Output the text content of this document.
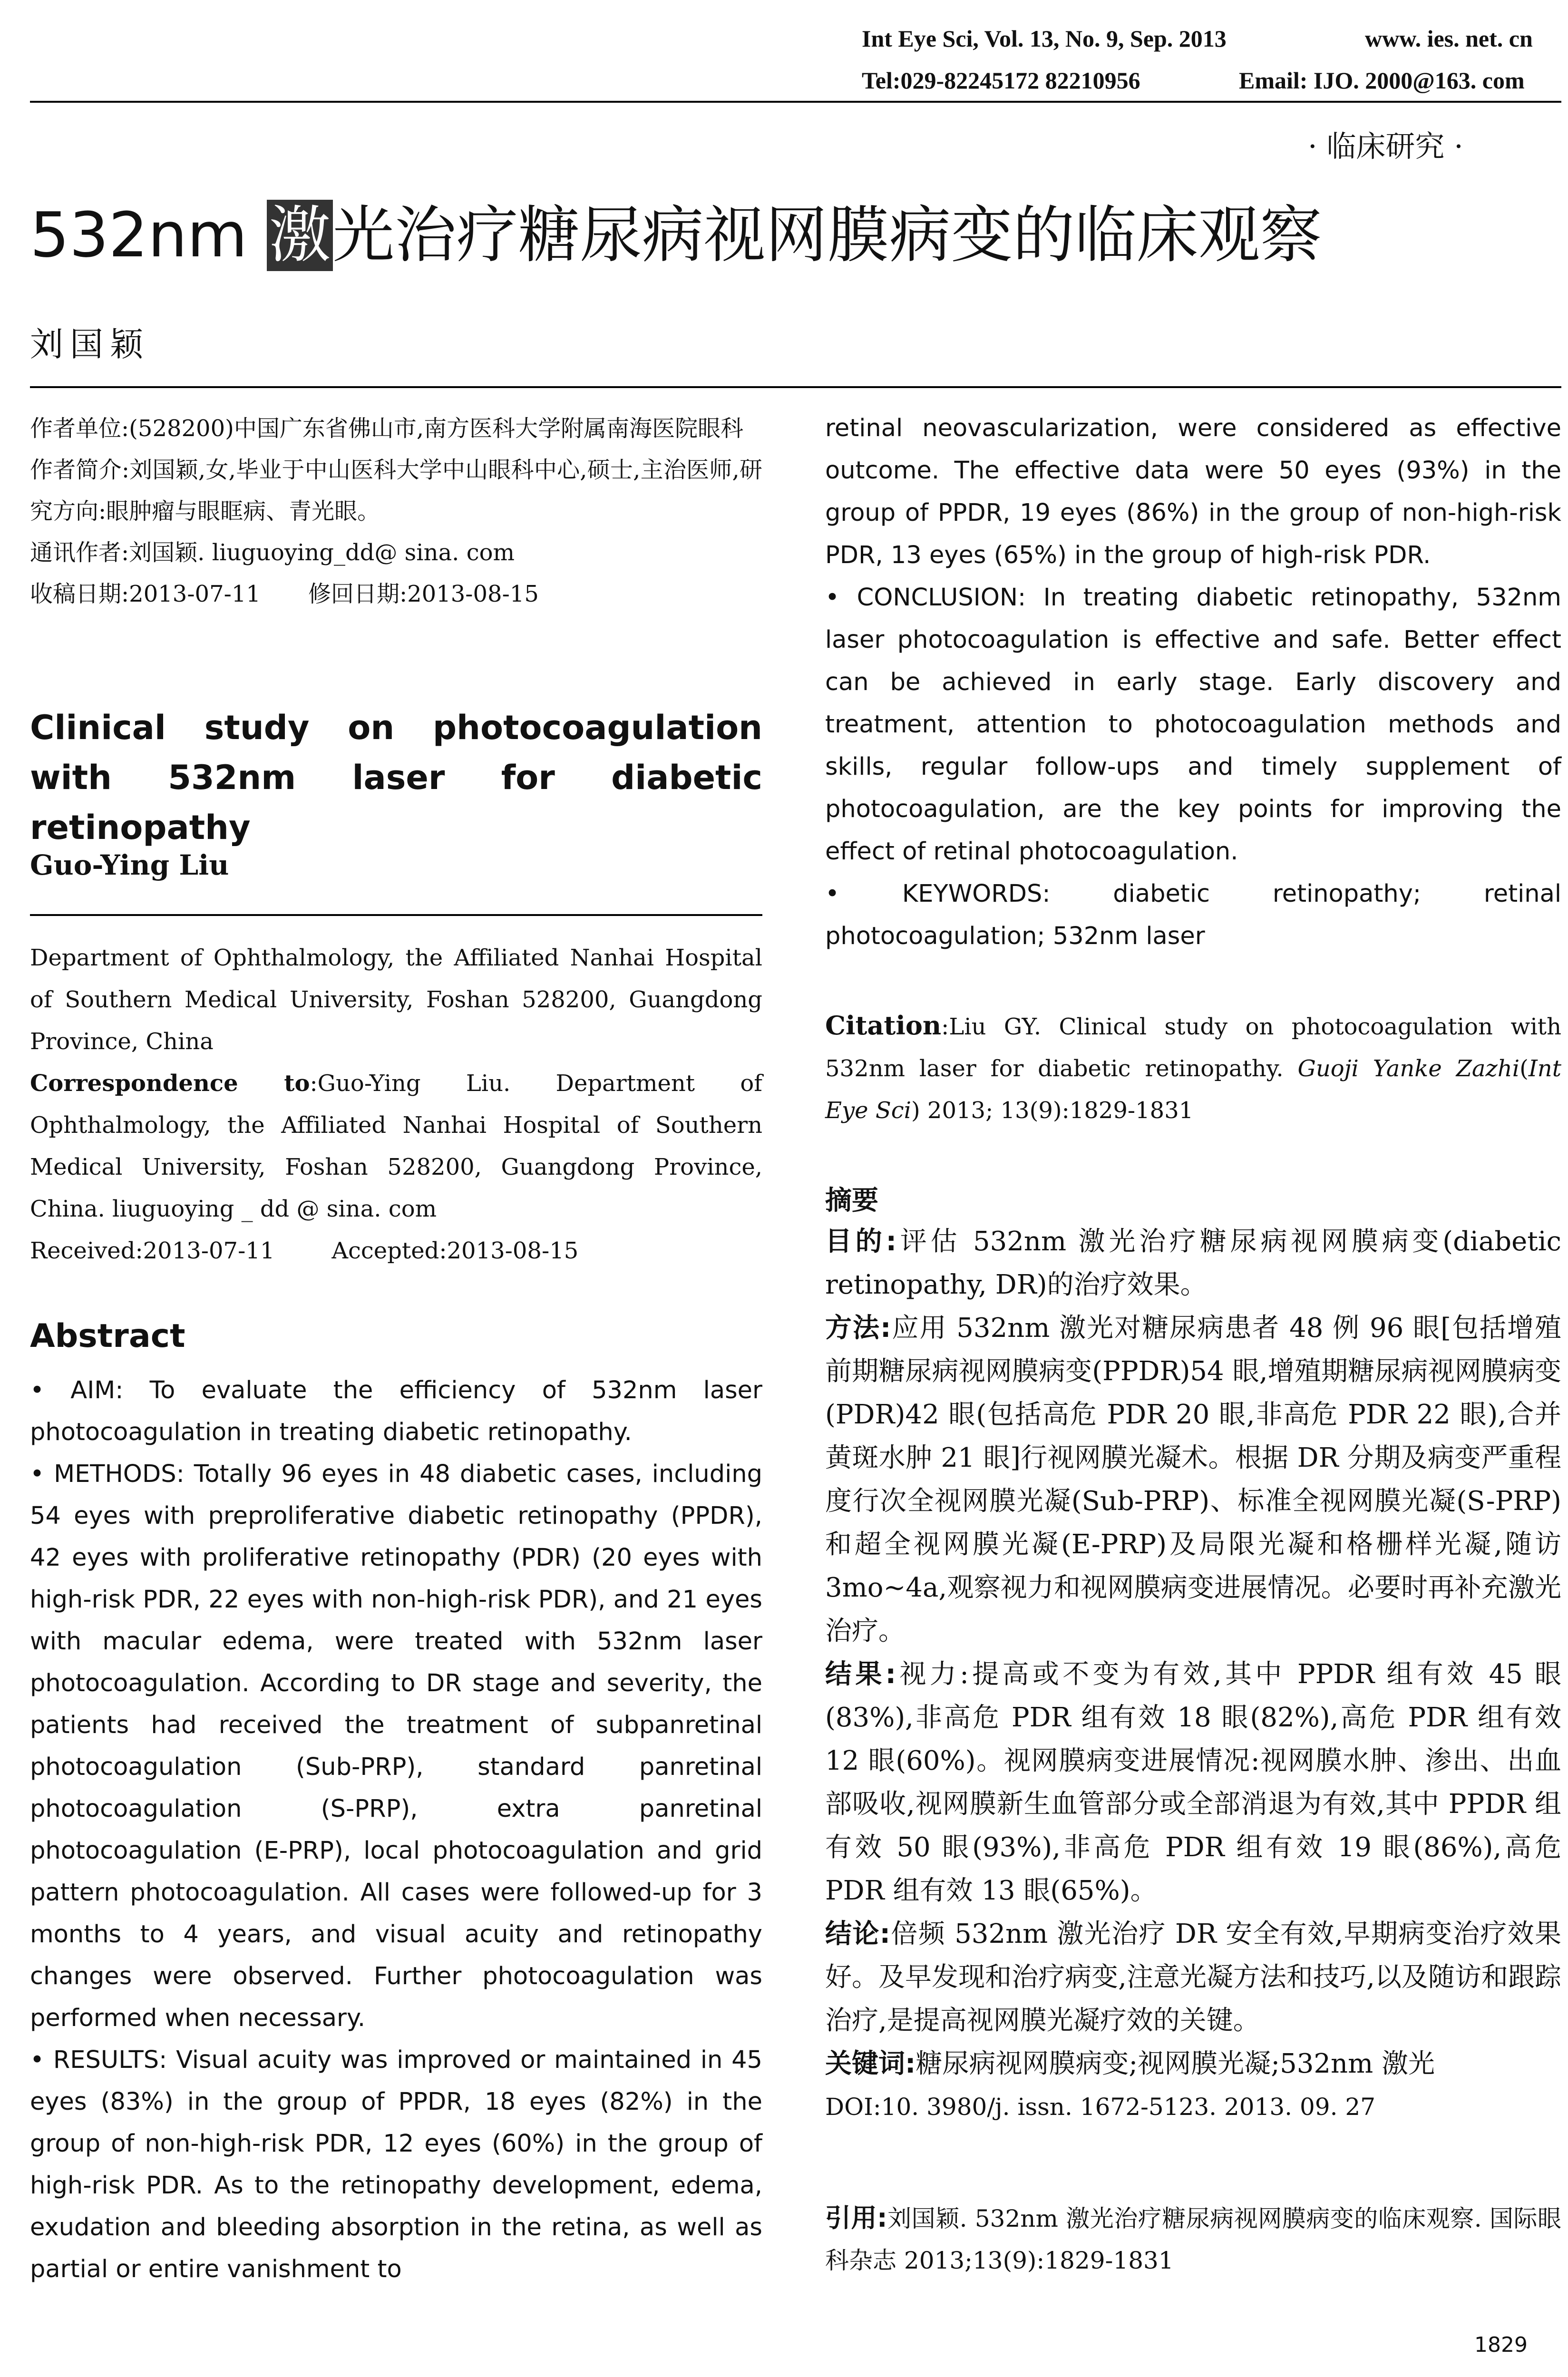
Int Eye Sci, Vol. 13, No. 9, Sep. 2013	www. ies. net. cn
Tel:029-82245172 82210956	Email: IJO. 2000@163. com
· 临床研究 ·
532nm 激光治疗糖尿病视网膜病变的临床观察
刘国颖

作者单位:(528200)中国广东省佛山市,南方医科大学附属南海医院眼科

作者简介:刘国颖,女,毕业于中山医科大学中山眼科中心,硕士,主治医师,研究方向:眼肿瘤与眼眶病、青光眼。

通讯作者:刘国颖. liuguoying_dd@ sina. com

收稿日期:2013-07-11 修回日期:2013-08-15

Clinical study on photocoagulation with 532nm laser for diabetic retinopathy
Guo-Ying Liu

Department of Ophthalmology, the Affiliated Nanhai Hospital of Southern Medical University, Foshan 528200, Guangdong Province, China

Correspondence to:Guo-Ying Liu. Department of Ophthalmology, the Affiliated Nanhai Hospital of Southern Medical University, Foshan 528200, Guangdong Province, China. liuguoying _ dd @ sina. com

Received:2013-07-11	Accepted:2013-08-15

Abstract

• AIM: To evaluate the efficiency of 532nm laser photocoagulation in treating diabetic retinopathy.

• METHODS: Totally 96 eyes in 48 diabetic cases, including 54 eyes with preproliferative diabetic retinopathy (PPDR), 42 eyes with proliferative retinopathy (PDR) (20 eyes with high-risk PDR, 22 eyes with non-high-risk PDR), and 21 eyes with macular edema, were treated with 532nm laser photocoagulation. According to DR stage and severity, the patients had received the treatment of subpanretinal photocoagulation (Sub-PRP), standard panretinal photocoagulation (S-PRP), extra panretinal photocoagulation (E-PRP), local photocoagulation and grid pattern photocoagulation. All cases were followed-up for 3 months to 4 years, and visual acuity and retinopathy changes were observed. Further photocoagulation was performed when necessary.

• RESULTS: Visual acuity was improved or maintained in 45 eyes (83%) in the group of PPDR, 18 eyes (82%) in the group of non-high-risk PDR, 12 eyes (60%) in the group of high-risk PDR. As to the retinopathy development, edema, exudation and bleeding absorption in the retina, as well as partial or entire vanishment to

retinal neovascularization, were considered as effective outcome. The effective data were 50 eyes (93%) in the group of PPDR, 19 eyes (86%) in the group of non-high-risk PDR, 13 eyes (65%) in the group of high-risk PDR.

• CONCLUSION: In treating diabetic retinopathy, 532nm laser photocoagulation is effective and safe. Better effect can be achieved in early stage. Early discovery and treatment, attention to photocoagulation methods and skills, regular follow-ups and timely supplement of photocoagulation, are the key points for improving the effect of retinal photocoagulation.

• KEYWORDS: diabetic retinopathy; retinal photocoagulation; 532nm laser

Citation:Liu GY. Clinical study on photocoagulation with 532nm laser for diabetic retinopathy. Guoji Yanke Zazhi(Int Eye Sci) 2013; 13(9):1829-1831
摘要

目的:评估 532nm 激光治疗糖尿病视网膜病变(diabetic retinopathy, DR)的治疗效果。

方法:应用 532nm 激光对糖尿病患者 48 例 96 眼[包括增殖前期糖尿病视网膜病变(PPDR)54 眼,增殖期糖尿病视网膜病变(PDR)42 眼(包括高危 PDR 20 眼,非高危 PDR 22 眼),合并黄斑水肿 21 眼]行视网膜光凝术。根据 DR 分期及病变严重程度行次全视网膜光凝(Sub-PRP)、标准全视网膜光凝(S-PRP)和超全视网膜光凝(E-PRP)及局限光凝和格栅样光凝,随访 3mo~4a,观察视力和视网膜病变进展情况。必要时再补充激光治疗。

结果:视力:提高或不变为有效,其中 PPDR 组有效 45 眼(83%),非高危 PDR 组有效 18 眼(82%),高危 PDR 组有效 12 眼(60%)。视网膜病变进展情况:视网膜水肿、渗出、出血部吸收,视网膜新生血管部分或全部消退为有效,其中 PPDR 组有效 50 眼(93%),非高危 PDR 组有效 19 眼(86%),高危 PDR 组有效 13 眼(65%)。

结论:倍频 532nm 激光治疗 DR 安全有效,早期病变治疗效果好。及早发现和治疗病变,注意光凝方法和技巧,以及随访和跟踪治疗,是提高视网膜光凝疗效的关键。

关键词:糖尿病视网膜病变;视网膜光凝;532nm 激光

DOI:10. 3980/j. issn. 1672-5123. 2013. 09. 27

引用:刘国颖. 532nm 激光治疗糖尿病视网膜病变的临床观察. 国际眼科杂志 2013;13(9):1829-1831
1829
